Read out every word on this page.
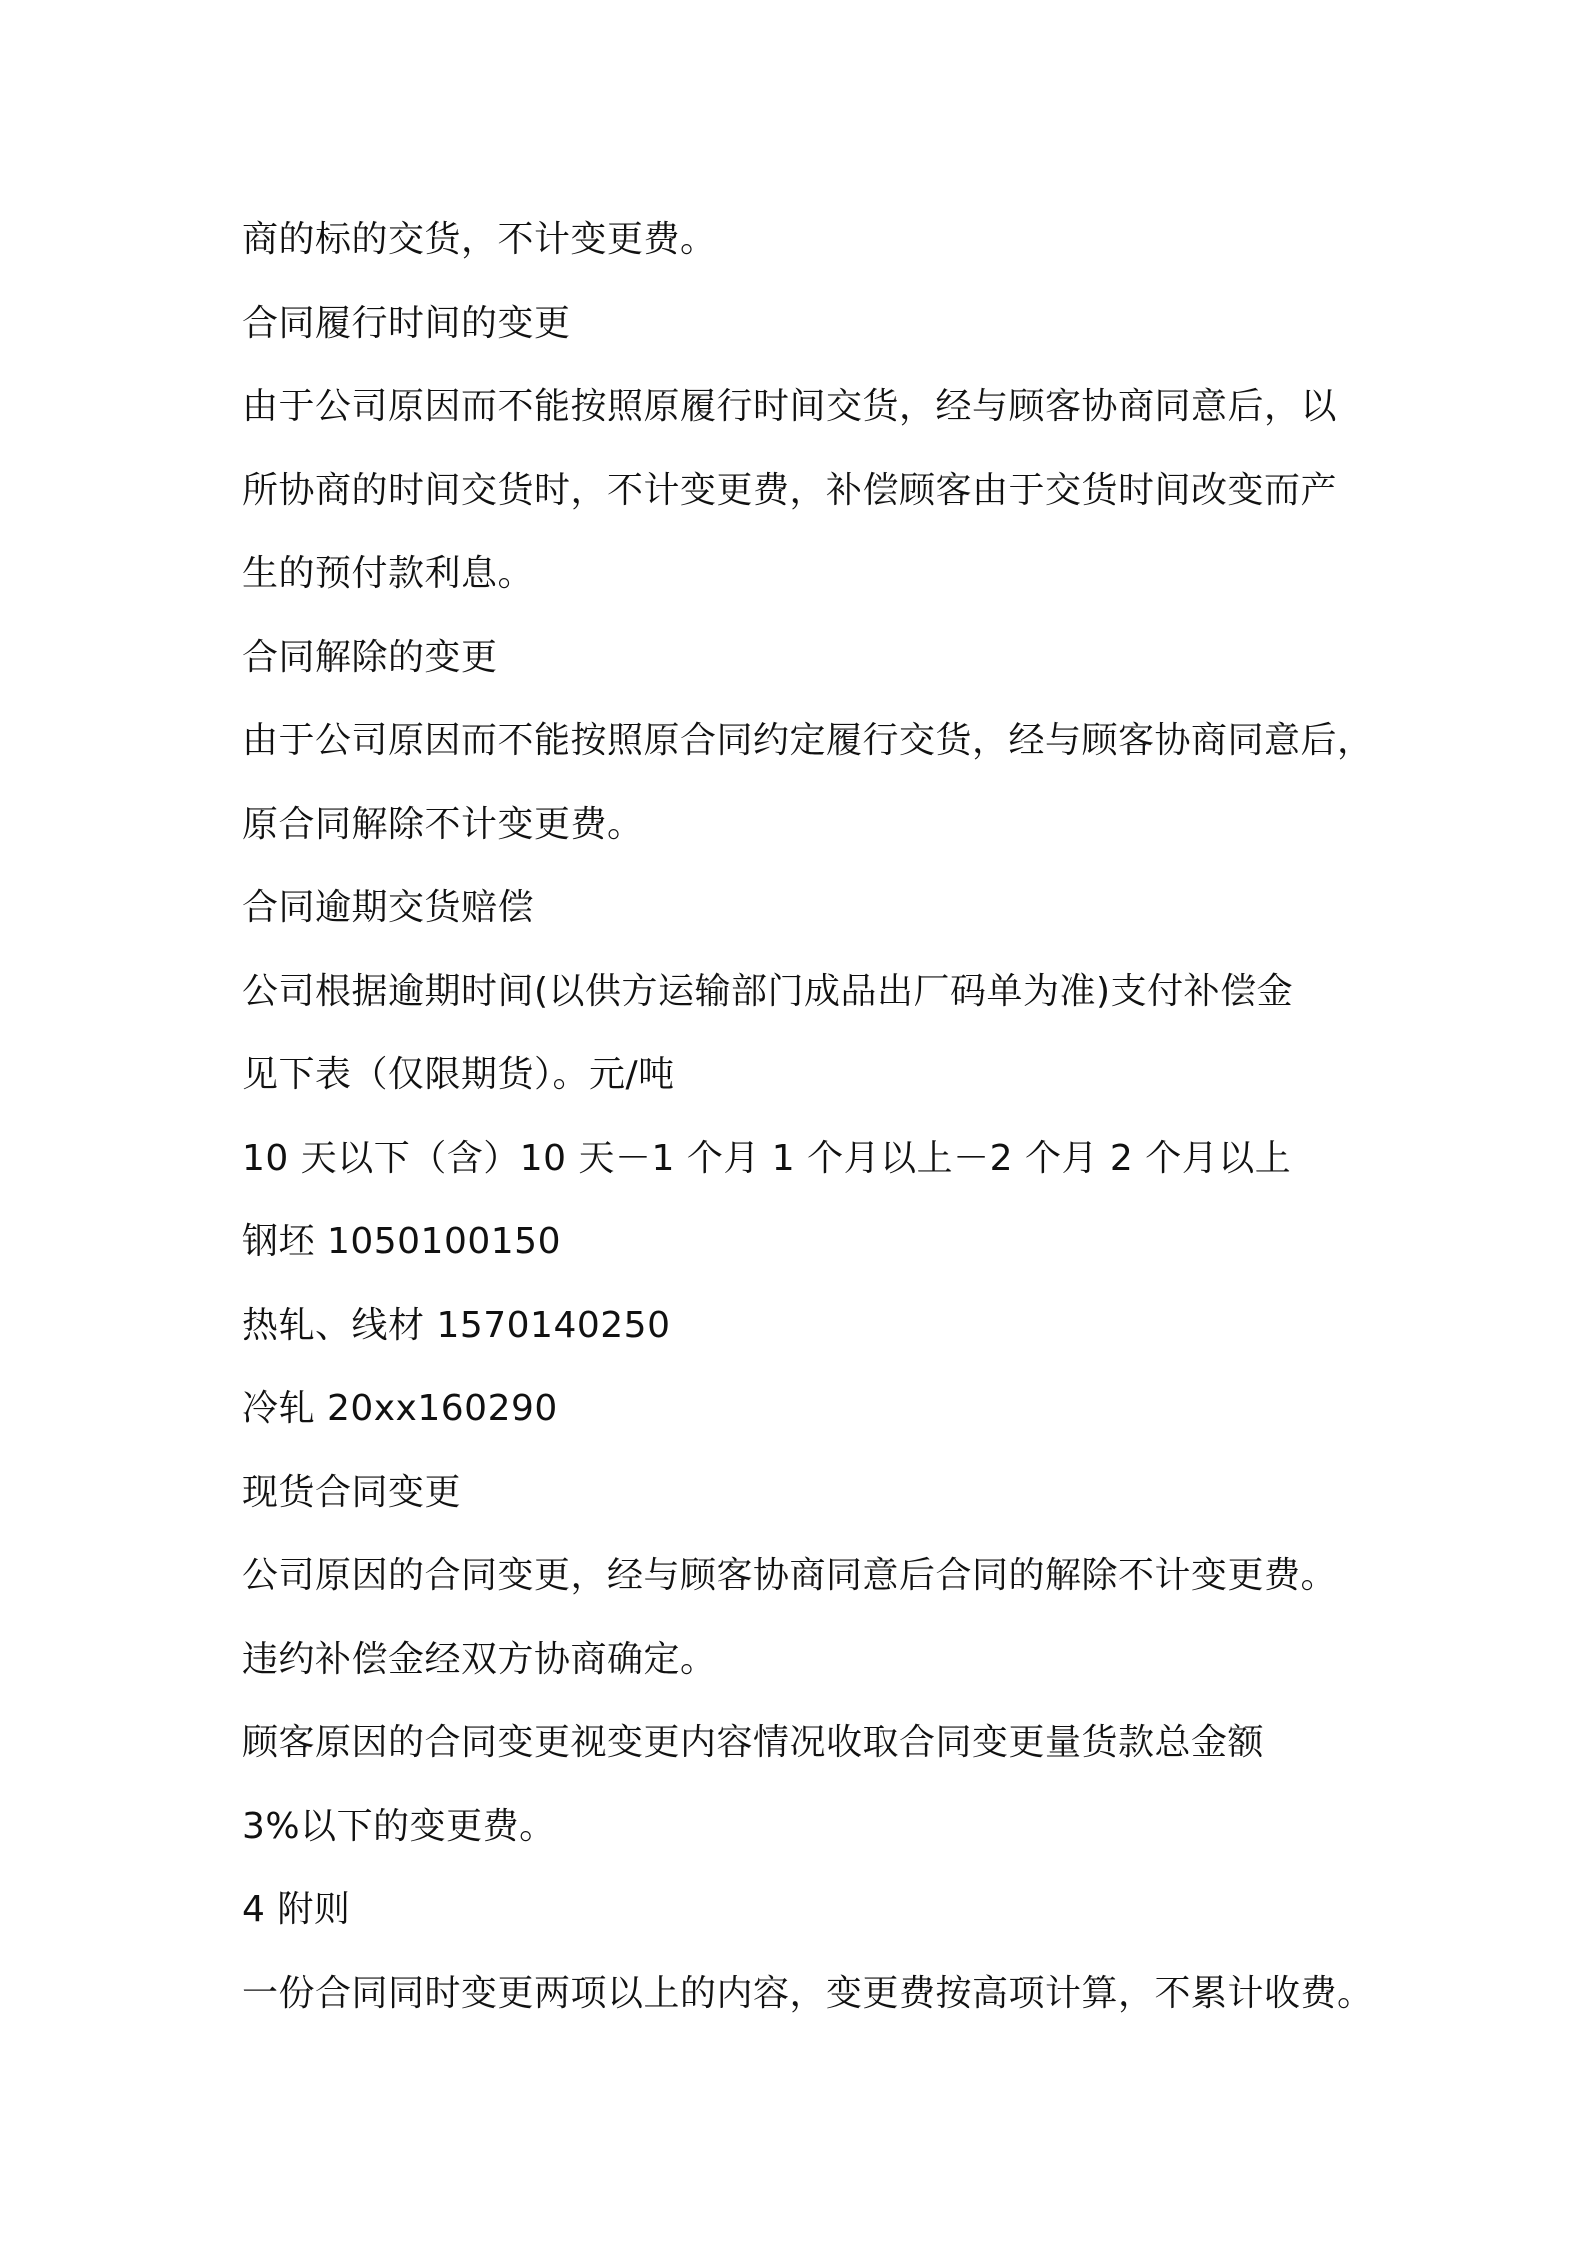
商的标的交货，不计变更费。

合同履行时间的变更

由于公司原因而不能按照原履行时间交货，经与顾客协商同意后，以

所协商的时间交货时，不计变更费，补偿顾客由于交货时间改变而产

生的预付款利息。

合同解除的变更

由于公司原因而不能按照原合同约定履行交货，经与顾客协商同意后，

原合同解除不计变更费。

合同逾期交货赔偿

公司根据逾期时间(以供方运输部门成品出厂码单为准)支付补偿金

见下表（仅限期货）。元/吨

10 天以下（含）10 天－1 个月 1 个月以上－2 个月 2 个月以上

钢坯 1050100150

热轧、线材 1570140250

冷轧 20xx160290

现货合同变更

公司原因的合同变更，经与顾客协商同意后合同的解除不计变更费。

违约补偿金经双方协商确定。

顾客原因的合同变更视变更内容情况收取合同变更量货款总金额

3%以下的变更费。

4 附则

一份合同同时变更两项以上的内容，变更费按高项计算，不累计收费。
